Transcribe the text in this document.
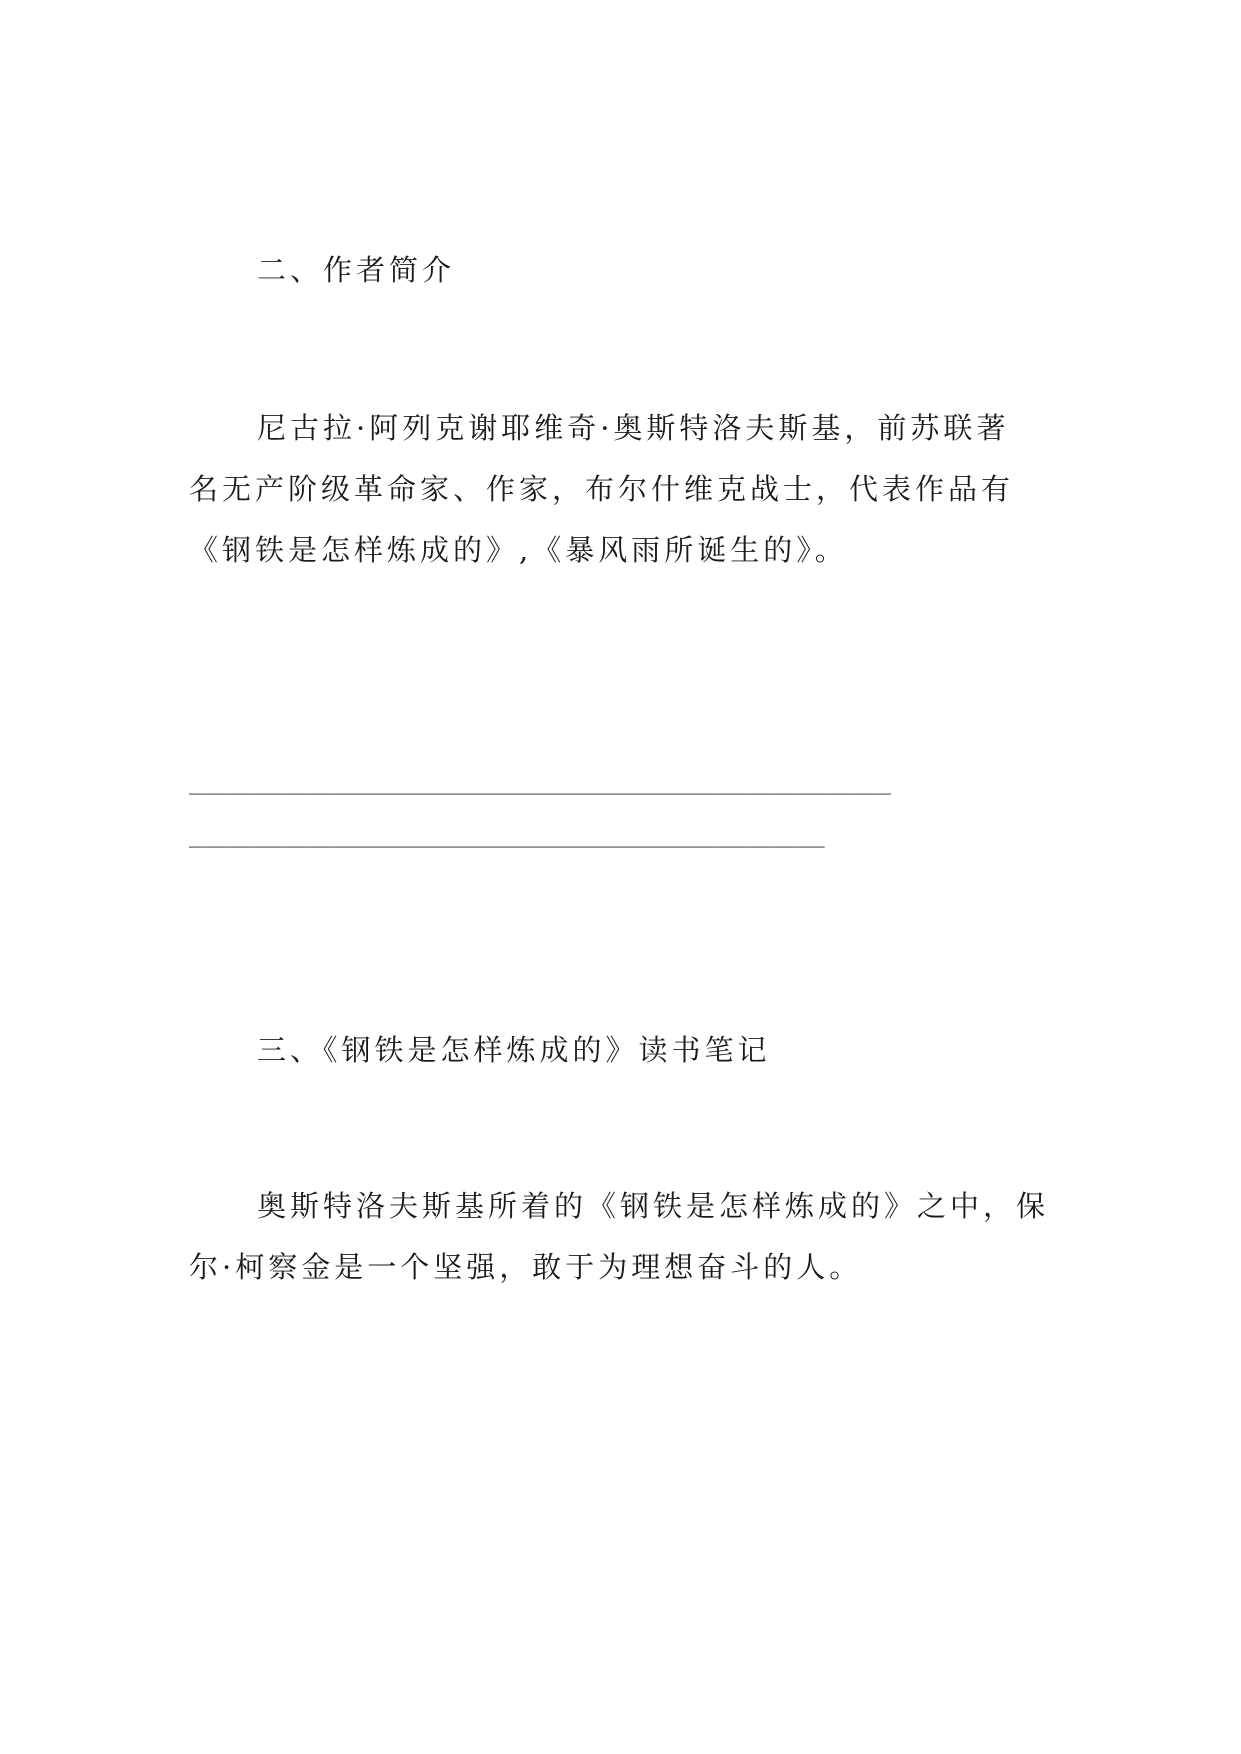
二、作者简介
尼古拉·阿列克谢耶维奇·奥斯特洛夫斯基，前苏联著
名无产阶级革命家、作家，布尔什维克战士，代表作品有
《钢铁是怎样炼成的》,《暴风雨所诞生的》。
_____________________________________________________
________________________________________________
三、《钢铁是怎样炼成的》读书笔记
奥斯特洛夫斯基所着的《钢铁是怎样炼成的》之中，保
尔·柯察金是一个坚强，敢于为理想奋斗的人。
